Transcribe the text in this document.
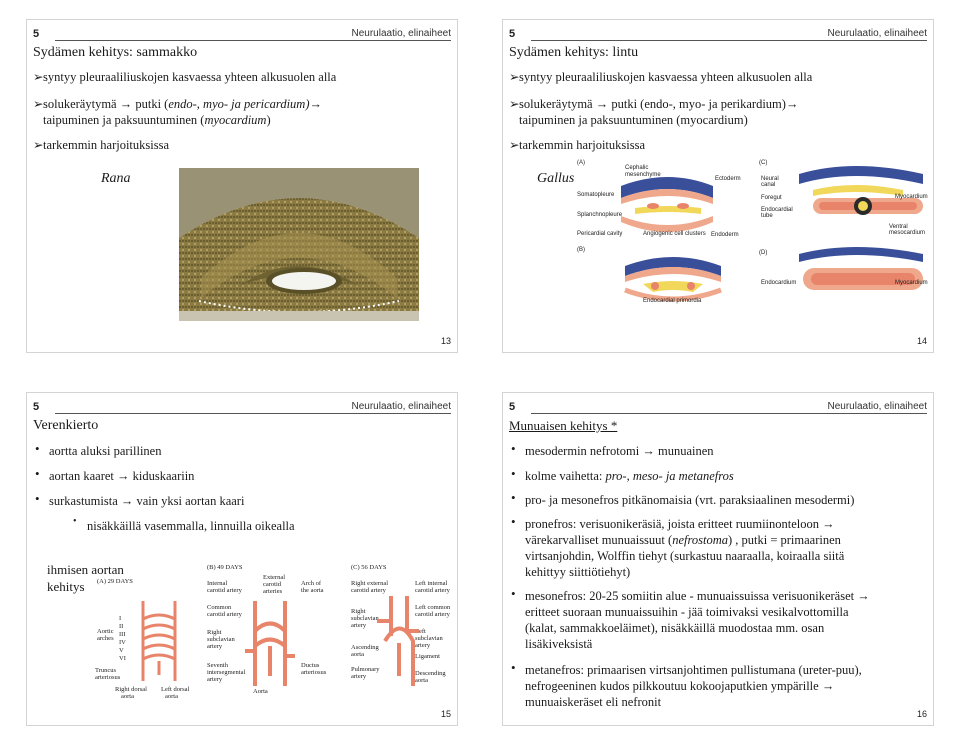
5	Neurulaatio, elinaiheet
Sydämen kehitys: sammakko
➢syntyy pleuraaliliuskojen kasvaessa yhteen alkusuolen alla
➢solukeräytymä → putki (endo-, myo- ja pericardium)→
taipuminen ja paksuuntuminen (myocardium)
➢tarkemmin harjoituksissa
Rana
13
5	Neurulaatio, elinaiheet
Sydämen kehitys: lintu
➢syntyy pleuraaliliuskojen kasvaessa yhteen alkusuolen alla
➢solukeräytymä → putki (endo-, myo- ja perikardium)→
taipuminen ja paksuuntuminen (myocardium)
➢tarkemmin harjoituksissa
Gallus
(A)
Cephalic
mesenchyme
Ectoderm
Somatopleure
Splanchnopleure
Pericardial cavity	Angiogenic cell clusters Endoderm
(B)
Endocardial primordia
(C)
Neural
canal
Foregut
Endocardial
tube
Myocardium
Ventral
mesocardium
(D)
Endocardium	Myocardium
14
5	Neurulaatio, elinaiheet
Verenkierto
• aortta aluksi parillinen
• aortan kaaret → kiduskaariin
• surkastumista → vain yksi aortan kaari
• nisäkkäillä vasemmalla, linnuilla oikealla
ihmisen aortan
kehitys	(A) 29 DAYS
Aortic
arches
I
II
III
IV
V
VI
Truncus
arteriosus
Right dorsal
aorta
Left dorsal
aorta
(B) 49 DAYS
Internal
carotid artery
External
carotid
arteries
Arch of
the aorta
Common
carotid artery
Right
subclavian
artery
Seventh
intersegmental
artery
Ductus
arteriosus
Aorta
(C) 56 DAYS
Right external
carotid artery
Left internal
carotid artery
Left common
carotid artery
Right
subclavian
artery
Left
subclavian
artery
Ligament
Ascending
aorta
Descending
aorta
Pulmonary
artery
15
5	Neurulaatio, elinaiheet
Munuaisen kehitys *
• mesodermin nefrotomi → munuainen
• kolme vaihetta: pro-, meso- ja metanefros
• pro- ja mesonefros pitkänomaisia (vrt. paraksiaalinen mesodermi)
• pronefros: verisuonikeräsiä, joista eritteet ruumiinonteloon →
värekarvalliset munuaissuut (nefrostoma) , putki = primaarinen
virtsanjohdin, Wolffin tiehyt (surkastuu naaraalla, koiraalla siitä
kehittyy siittiötiehyt)
• mesonefros: 20-25 somiitin alue - munuaissuissa verisuonikeräset →
eritteet suoraan munuaissuihin - jää toimivaksi vesikalvottomilla
(kalat, sammakkoeläimet), nisäkkäillä muodostaa mm. osan
lisäkiveksistä
• metanefros: primaarisen virtsanjohtimen pullistumana (ureter-puu),
nefrogeeninen kudos pilkkoutuu kokoojaputkien ympärille →
munuaiskeräset eli nefronit
16
